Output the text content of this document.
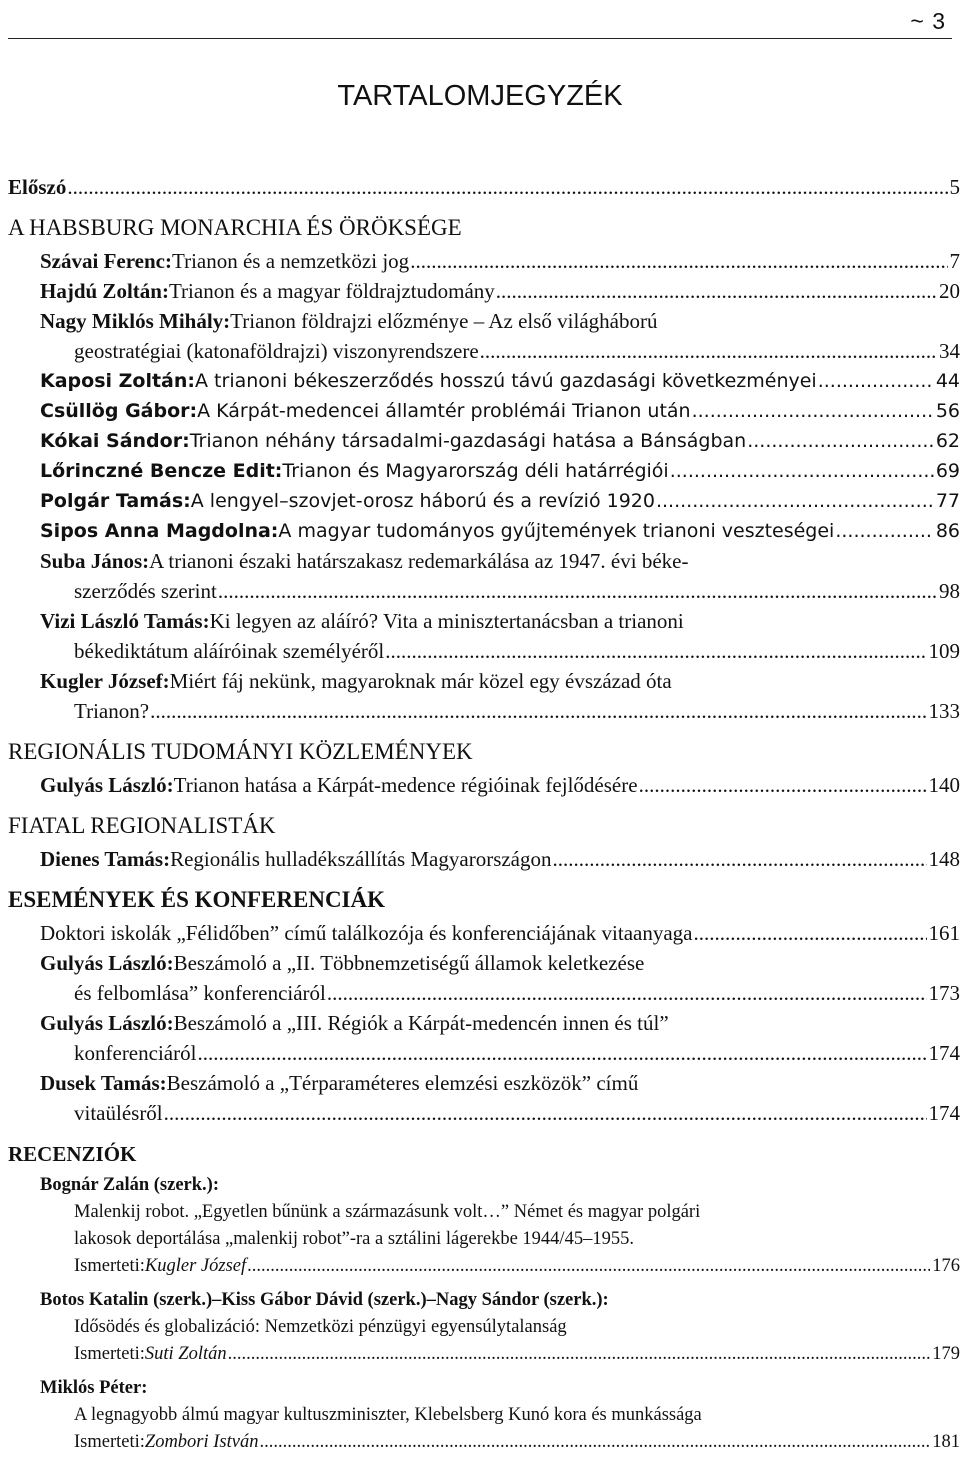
~ 3
TARTALOMJEGYZÉK
Előszó .....	5
A HABSBURG MONARCHIA ÉS ÖRÖKSÉGE
Szávai Ferenc: Trianon és a nemzetközi jog .....	7
Hajdú Zoltán: Trianon és a magyar földrajztudomány .....	20
Nagy Miklós Mihály: Trianon földrajzi előzménye – Az első világháború
geostratégiai (katonaföldrajzi) viszonyrendszere .....	34
Kaposi Zoltán: A trianoni békeszerződés hosszú távú gazdasági következményei .....	44
Csüllög Gábor: A Kárpát-medencei államtér problémái Trianon után .....	56
Kókai Sándor: Trianon néhány társadalmi-gazdasági hatása a Bánságban .....	62
Lőrinczné Bencze Edit: Trianon és Magyarország déli határrégiói .....	69
Polgár Tamás: A lengyel–szovjet-orosz háború és a revízió 1920 .....	77
Sipos Anna Magdolna: A magyar tudományos gyűjtemények trianoni veszteségei .....	86
Suba János: A trianoni északi határszakasz redemarkálása az 1947. évi béke-
szerződés szerint .....	98
Vizi László Tamás: Ki legyen az aláíró? Vita a minisztertanácsban a trianoni
békediktátum aláíróinak személyéről .....	109
Kugler József: Miért fáj nekünk, magyaroknak már közel egy évszázad óta
Trianon? .....	133
REGIONÁLIS TUDOMÁNYI KÖZLEMÉNYEK
Gulyás László: Trianon hatása a Kárpát-medence régióinak fejlődésére .....	140
FIATAL REGIONALISTÁK
Dienes Tamás: Regionális hulladékszállítás Magyarországon .....	148
ESEMÉNYEK ÉS KONFERENCIÁK
Doktori iskolák „Félidőben” című találkozója és konferenciájának vitaanyaga .....	161
Gulyás László: Beszámoló a „II. Többnemzetiségű államok keletkezése
és felbomlása” konferenciáról .....	173
Gulyás László: Beszámoló a „III. Régiók a Kárpát-medencén innen és túl”
konferenciáról .....	174
Dusek Tamás: Beszámoló a „Térparaméteres elemzési eszközök” című
vitaülésről .....	174
RECENZIÓK
Bognár Zalán (szerk.):
Malenkij robot. „Egyetlen bűnünk a származásunk volt…” Német és magyar polgári
lakosok deportálása „malenkij robot”-ra a sztálini lágerekbe 1944/45–1955.
Ismerteti: Kugler József .....	176
Botos Katalin (szerk.)–Kiss Gábor Dávid (szerk.)–Nagy Sándor (szerk.):
Idősödés és globalizáció: Nemzetközi pénzügyi egyensúlytalanság
Ismerteti: Suti Zoltán .....	179
Miklós Péter:
A legnagyobb álmú magyar kultuszminiszter, Klebelsberg Kunó kora és munkássága
Ismerteti: Zombori István .....	181
